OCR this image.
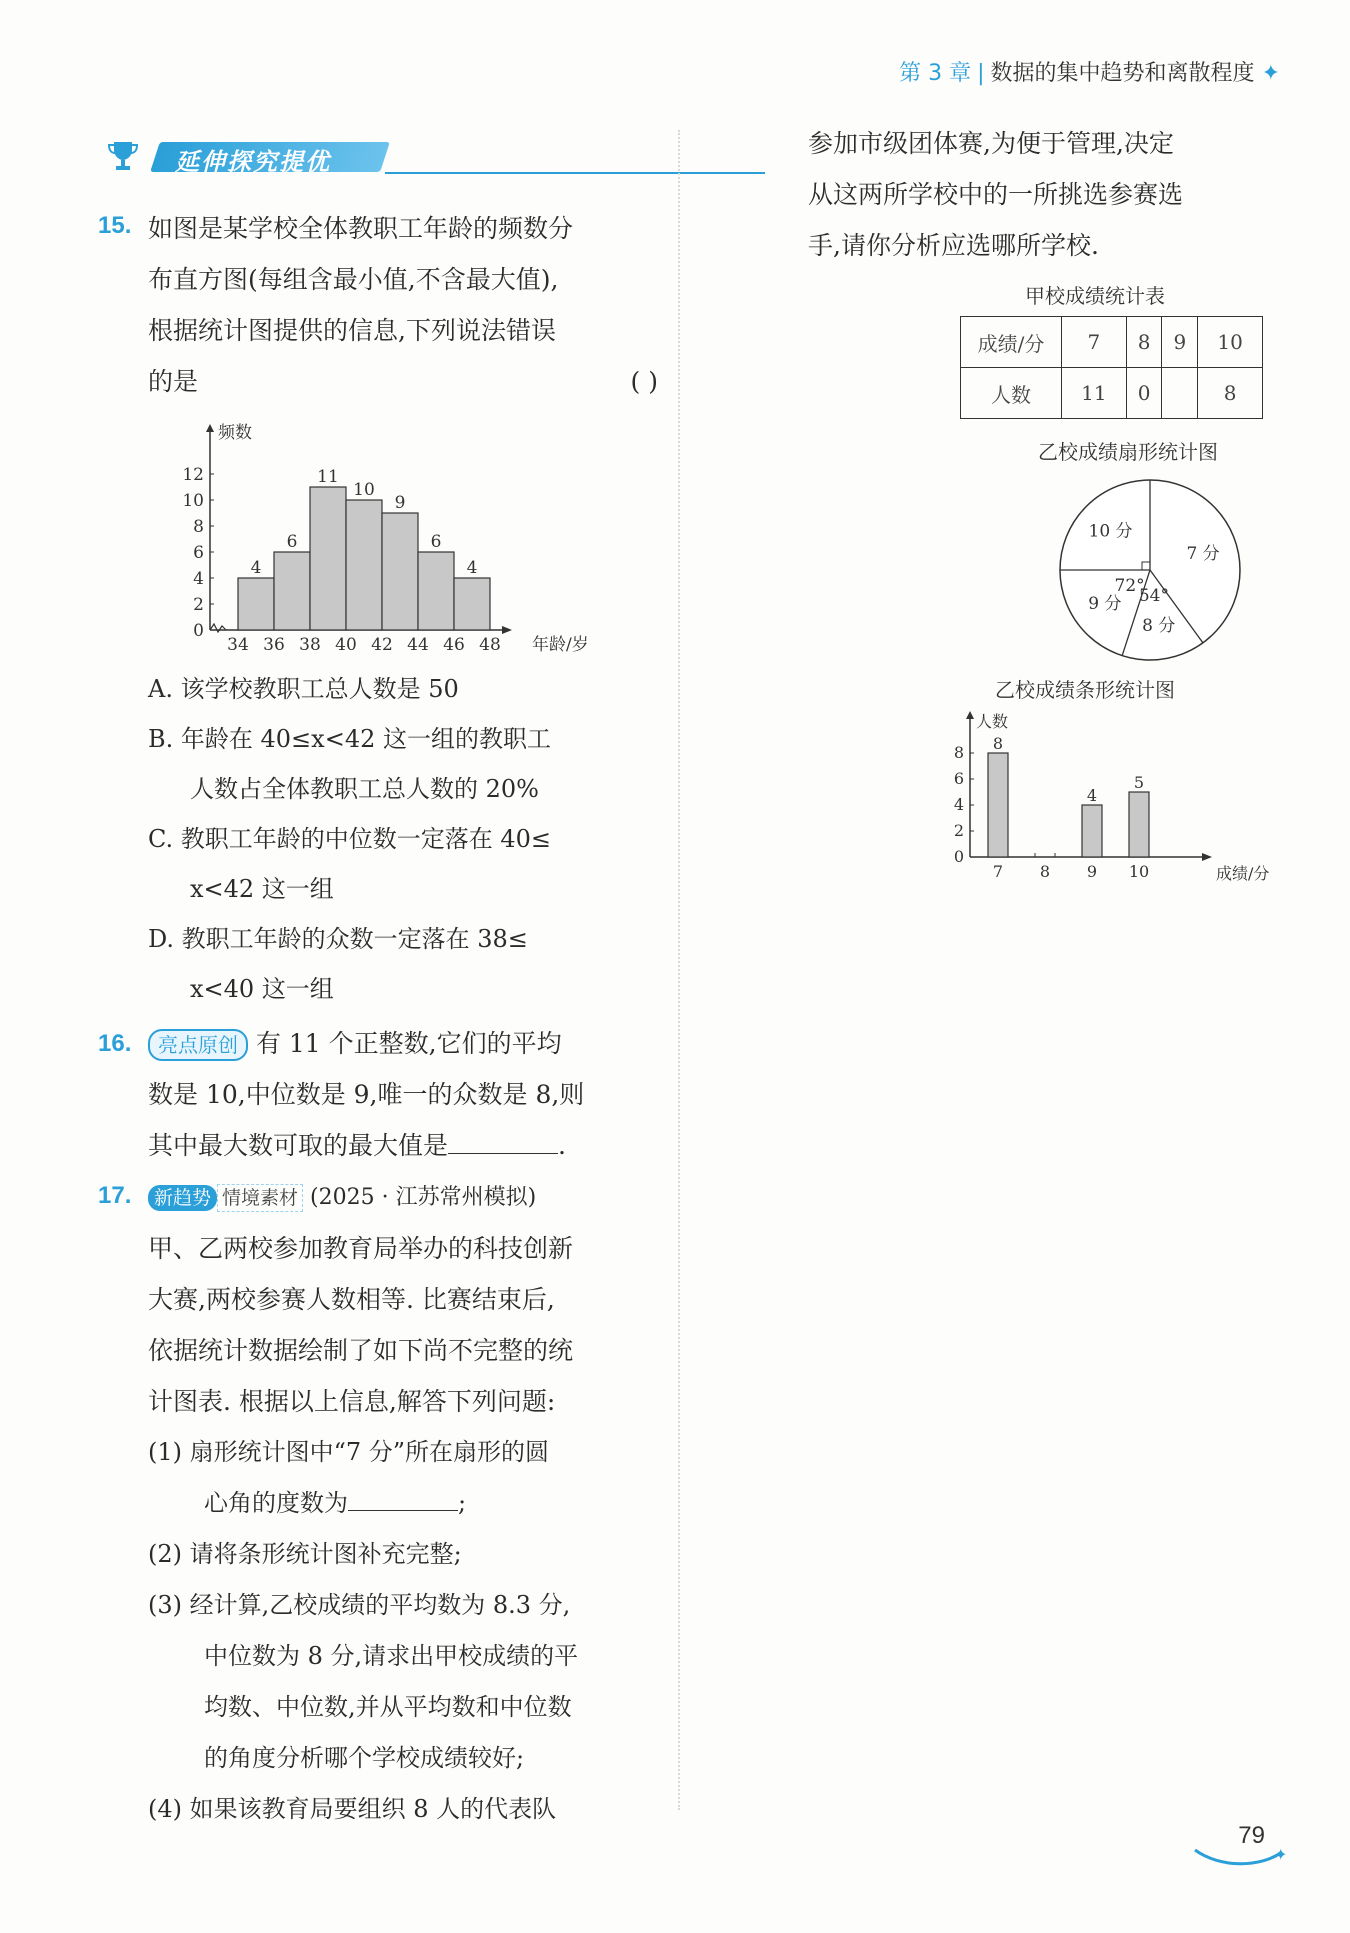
第 3 章 | 数据的集中趋势和离散程度 ✦
延伸探究提优
15. 如图是某学校全体教职工年龄的频数分
布直方图(每组含最小值,不含最大值),
根据统计图提供的信息,下列说法错误
的是	( )
频数
年龄/岁
0
2
4
6
8
10
12
4
6
11
10
9
6
4
34 36 38 40 42 44 46 48
A. 该学校教职工总人数是 50
B. 年龄在 40≤x<42 这一组的教职工
人数占全体教职工总人数的 20%
C. 教职工年龄的中位数一定落在 40≤
x<42 这一组
D. 教职工年龄的众数一定落在 38≤
x<40 这一组
16.	亮点原创 有 11 个正整数,它们的平均
数是 10,中位数是 9,唯一的众数是 8,则
其中最大数可取的最大值是	.
17.	新趋势 情境素材 (2025 · 江苏常州模拟)
甲、乙两校参加教育局举办的科技创新
大赛,两校参赛人数相等. 比赛结束后,
依据统计数据绘制了如下尚不完整的统
计图表. 根据以上信息,解答下列问题:
(1) 扇形统计图中“7 分”所在扇形的圆
心角的度数为	;
(2) 请将条形统计图补充完整;
(3) 经计算,乙校成绩的平均数为 8.3 分,
中位数为 8 分,请求出甲校成绩的平
均数、中位数,并从平均数和中位数
的角度分析哪个学校成绩较好;
(4) 如果该教育局要组织 8 人的代表队
参加市级团体赛,为便于管理,决定
从这两所学校中的一所挑选参赛选
手,请你分析应选哪所学校.
甲校成绩统计表
成绩/分	7	8	9	10
人数	11	0		8
乙校成绩扇形统计图
7 分
8 分
54°
9 分
72°
10 分
乙校成绩条形统计图
人数
成绩/分
0
2
4
6
8
7
8
8 9
4
10
5
79
✦
